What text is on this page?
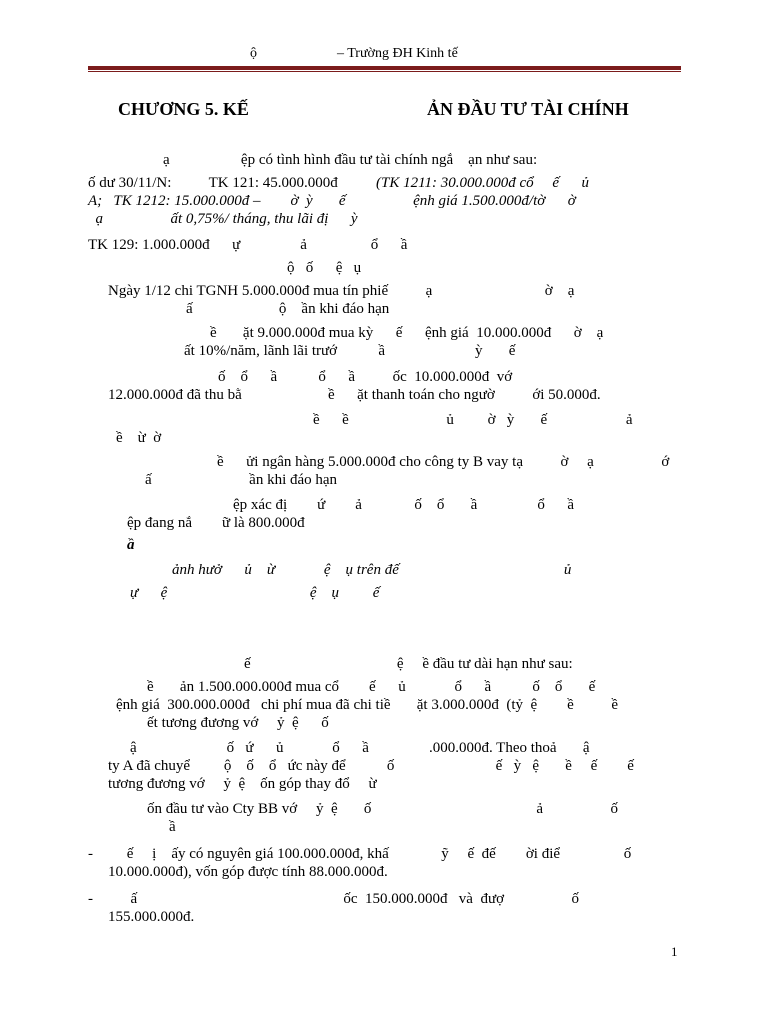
ộ	– Trường ĐH Kinh tế
CHƯƠNG 5. KẾ	ẢN ĐẦU TƯ TÀI CHÍNH
ạ                   ệp có tình hình đầu tư tài chính ngắ    ạn như sau:
ố dư 30/11/N:          TK 121: 45.000.000đ (TK 1211: 30.000.000đ cổ     ế      ủ
A;   TK 1212: 15.000.000đ –        ờ  ỳ       ế                  ệnh giá 1.500.000đ/tờ      ờ
ạ                  ất 0,75%/ tháng, thu lãi đị      ỳ
TK 129: 1.000.000đ      ự                ả                 ổ      ầ
ộ   ố      ệ   ụ
Ngày 1/12 chi TGNH 5.000.000đ mua tín phiế          ạ                              ờ    ạ
ấ                       ộ    ần khi đáo hạn
ề       ặt 9.000.000đ mua kỳ      ế      ệnh giá  10.000.000đ      ờ    ạ
ất 10%/năm, lãnh lãi trướ           ầ                        ỳ       ế
ố    ổ      ầ           ổ      ầ          ốc  10.000.000đ  vớ
12.000.000đ đã thu bằ                       ề      ặt thanh toán cho ngườ          ới 50.000đ.
ề      ề                          ủ         ờ   ỳ       ế                     ả
ề    ừ  ờ
ề      ửi ngân hàng 5.000.000đ cho công ty B vay tạ          ờ     ạ                  ớ
ấ                          ần khi đáo hạn
ệp xác đị        ứ        ả              ố    ổ       ầ                ổ      ầ
ệp đang nắ        ữ là 800.000đ
ầ
ảnh hưở      ủ    ừ             ệ    ụ trên đế                                            ủ
ự      ệ                                      ệ    ụ         ế
ế                                       ệ     ề đầu tư dài hạn như sau:
ề       ản 1.500.000.000đ mua cổ        ế      ủ             ổ      ầ           ố    ổ       ế
ệnh giá  300.000.000đ   chi phí mua đã chi tiề       ặt 3.000.000đ  (tỷ  ệ        ề          ề
ết tương đương vớ     ỷ  ệ      ố
ậ                        ố   ứ      ủ             ổ      ầ                .000.000đ. Theo thoả       ậ
ty A đã chuyể         ộ    ố    ổ   ức này để           ố                           ế   ỳ   ệ       ề     ế        ế
tương đương vớ     ỷ  ệ    ốn góp thay đổ     ừ
ốn đầu tư vào Cty BB vớ     ỷ  ệ       ố                                            ả                  ố
ầ
-         ế     ị    ấy có nguyên giá 100.000.000đ, khấ              ỹ     ế  đế        ời điể                 ố
10.000.000đ), vốn góp được tính 88.000.000đ.
-          ấ                                                       ốc  150.000.000đ   và  đượ                  ố
155.000.000đ.
1
